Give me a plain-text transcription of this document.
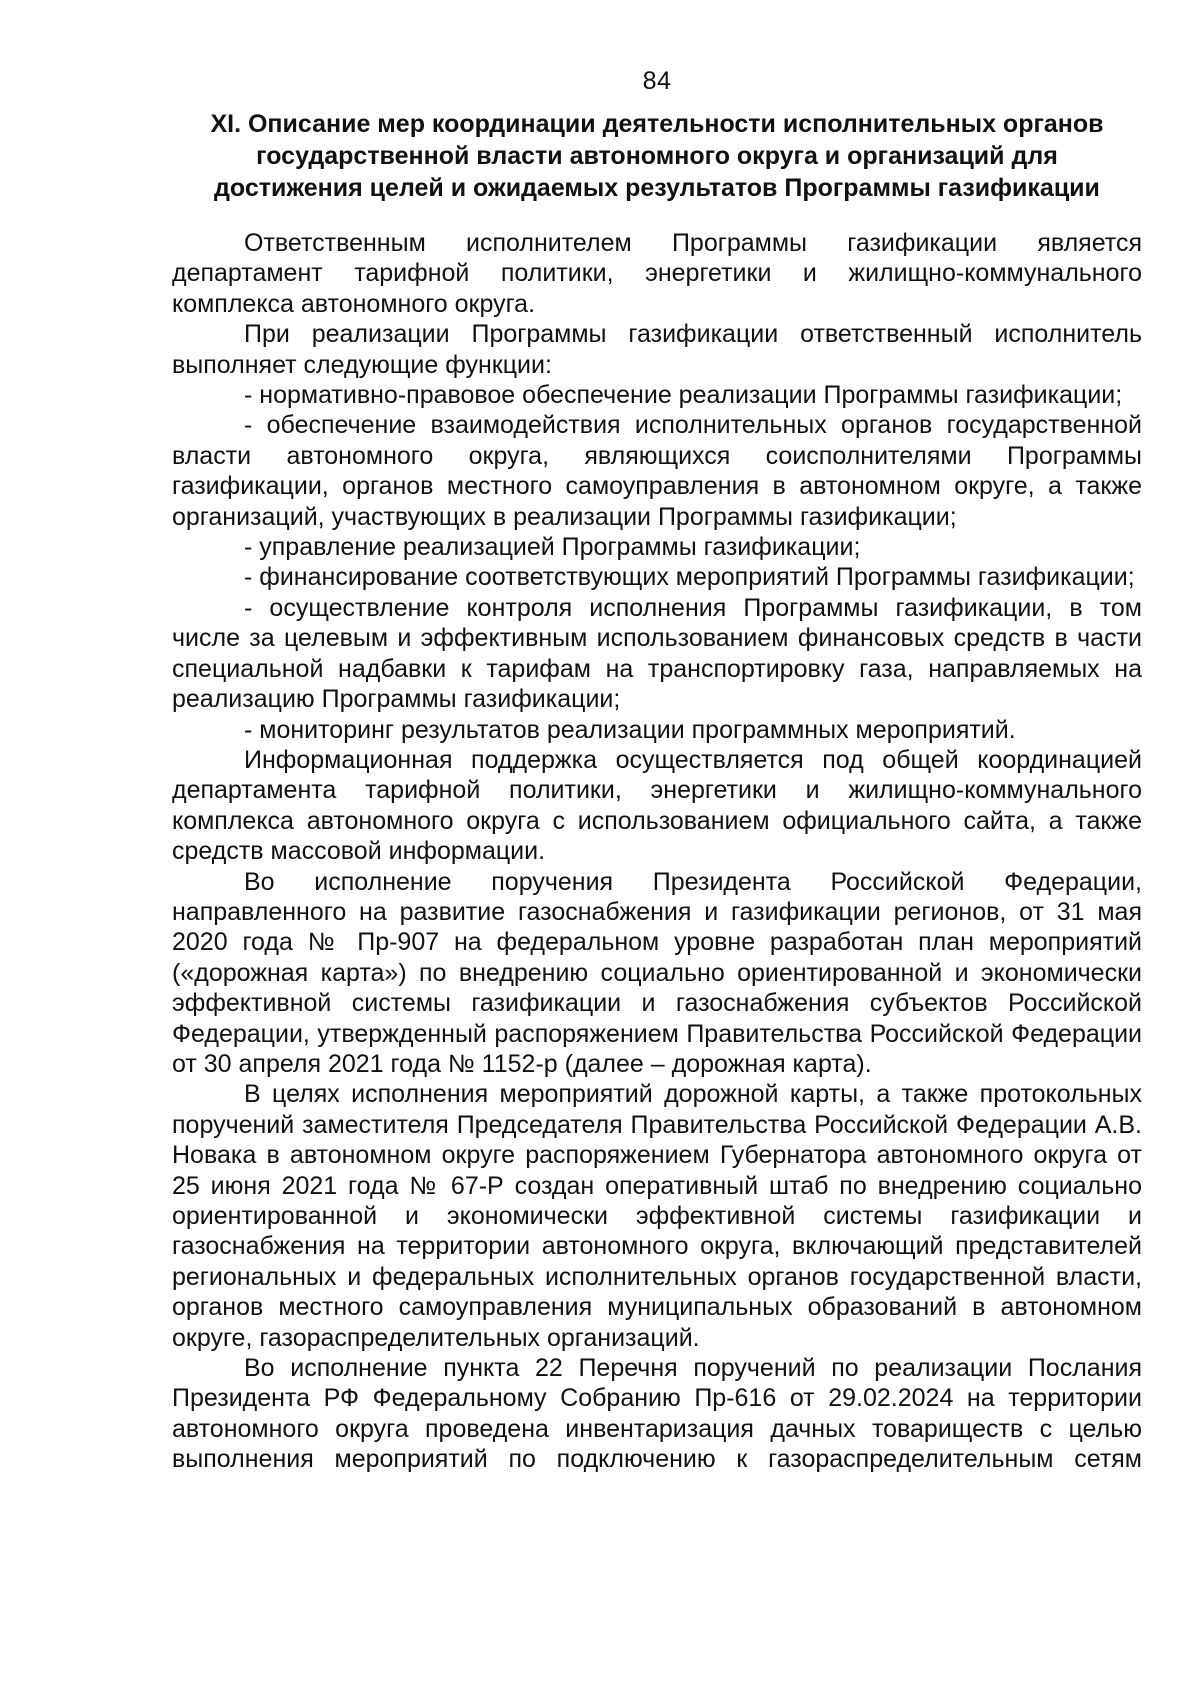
84
XI. Описание мер координации деятельности исполнительных органов
государственной власти автономного округа и организаций для
достижения целей и ожидаемых результатов Программы газификации

Ответственным исполнителем Программы газификации является департамент тарифной политики, энергетики и жилищно-коммунального комплекса автономного округа.

При реализации Программы газификации ответственный исполнитель выполняет следующие функции:

- нормативно-правовое обеспечение реализации Программы газификации;

- обеспечение взаимодействия исполнительных органов государственной власти автономного округа, являющихся соисполнителями Программы газификации, органов местного самоуправления в автономном округе, а также организаций, участвующих в реализации Программы газификации;

- управление реализацией Программы газификации;

- финансирование соответствующих мероприятий Программы газификации;

- осуществление контроля исполнения Программы газификации, в том числе за целевым и эффективным использованием финансовых средств в части специальной надбавки к тарифам на транспортировку газа, направляемых на реализацию Программы газификации;

- мониторинг результатов реализации программных мероприятий.

Информационная поддержка осуществляется под общей координацией департамента тарифной политики, энергетики и жилищно-коммунального комплекса автономного округа с использованием официального сайта, а также средств массовой информации.

Во исполнение поручения Президента Российской Федерации, направленного на развитие газоснабжения и газификации регионов, от 31 мая 2020 года № Пр-907 на федеральном уровне разработан план мероприятий («дорожная карта») по внедрению социально ориентированной и экономически эффективной системы газификации и газоснабжения субъектов Российской Федерации, утвержденный распоряжением Правительства Российской Федерации от 30 апреля 2021 года № 1152-р (далее – дорожная карта).

В целях исполнения мероприятий дорожной карты, а также протокольных поручений заместителя Председателя Правительства Российской Федерации А.В. Новака в автономном округе распоряжением Губернатора автономного округа от 25 июня 2021 года № 67-Р создан оперативный штаб по внедрению социально ориентированной и экономически эффективной системы газификации и газоснабжения на территории автономного округа, включающий представителей региональных и федеральных исполнительных органов государственной власти, органов местного самоуправления муниципальных образований в автономном округе, газораспределительных организаций.

Во исполнение пункта 22 Перечня поручений по реализации Послания Президента РФ Федеральному Собранию Пр-616 от 29.02.2024 на территории автономного округа проведена инвентаризация дачных товариществ с целью выполнения мероприятий по подключению к газораспределительным сетям
